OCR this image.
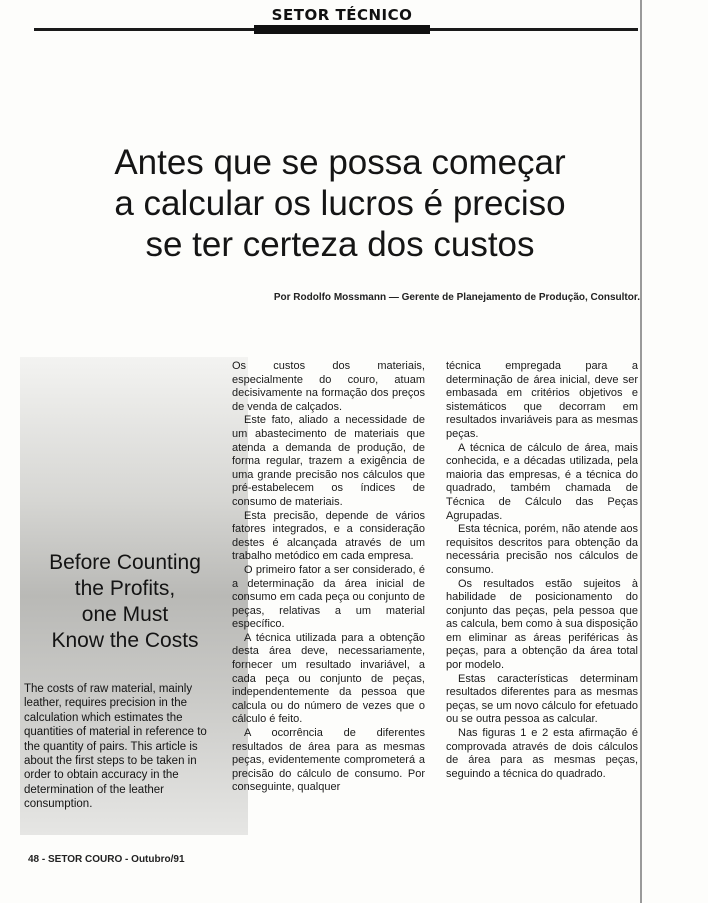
SETOR TÉCNICO
Antes que se possa começar
a calcular os lucros é preciso
se ter certeza dos custos
Por Rodolfo Mossmann — Gerente de Planejamento de Produção, Consultor.
Before Counting
the Profits,
one Must
Know the Costs

The costs of raw material, mainly leather, requires precision in the calculation which estimates the quantities of material in reference to the quantity of pairs. This article is about the first steps to be taken in order to obtain accuracy in the determination of the leather consumption.

Os custos dos materiais, especialmente do couro, atuam decisivamente na formação dos preços de venda de calçados.

Este fato, aliado a necessidade de um abastecimento de materiais que atenda a demanda de produção, de forma regular, trazem a exigência de uma grande precisão nos cálculos que pré-estabelecem os índices de consumo de materiais.

Esta precisão, depende de vários fatores integrados, e a consideração destes é alcançada através de um trabalho metódico em cada empresa.

O primeiro fator a ser considerado, é a determinação da área inicial de consumo em cada peça ou conjunto de peças, relativas a um material específico.

A técnica utilizada para a obtenção desta área deve, necessariamente, fornecer um resultado invariável, a cada peça ou conjunto de peças, independentemente da pessoa que calcula ou do número de vezes que o cálculo é feito.

A ocorrência de diferentes resultados de área para as mesmas peças, evidentemente comprometerá a precisão do cálculo de consumo. Por conseguinte, qualquer

técnica empregada para a determinação de área inicial, deve ser embasada em critérios objetivos e sistemáticos que decorram em resultados invariáveis para as mesmas peças.

A técnica de cálculo de área, mais conhecida, e a décadas utilizada, pela maioria das empresas, é a técnica do quadrado, também chamada de Técnica de Cálculo das Peças Agrupadas.

Esta técnica, porém, não atende aos requisitos descritos para obtenção da necessária precisão nos cálculos de consumo.

Os resultados estão sujeitos à habilidade de posicionamento do conjunto das peças, pela pessoa que as calcula, bem como à sua disposição em eliminar as áreas periféricas às peças, para a obtenção da área total por modelo.

Estas características determinam resultados diferentes para as mesmas peças, se um novo cálculo for efetuado ou se outra pessoa as calcular.

Nas figuras 1 e 2 esta afirmação é comprovada através de dois cálculos de área para as mesmas peças, seguindo a técnica do quadrado.

48 - SETOR COURO - Outubro/91
